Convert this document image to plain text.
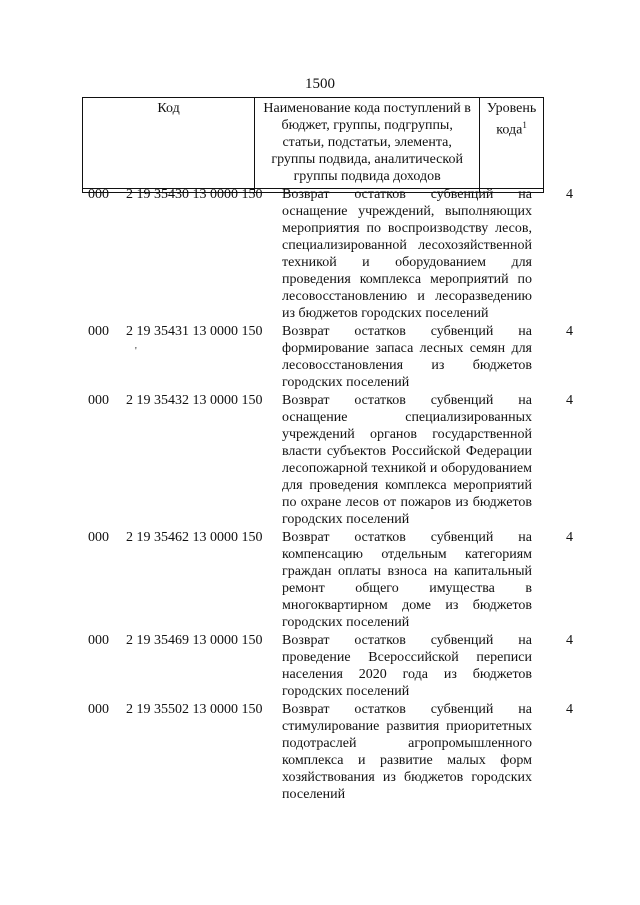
1500
Код	Наименование кода поступлений в бюджет, группы, подгруппы, статьи, подстатьи, элемента, группы подвида, аналитической группы подвида доходов	Уровень кода$^1$

000 2 19 35430 13 0000 150 Возврат остатков субвенций на оснащение учреждений, выполняющих мероприятия по воспроизводству лесов, специализированной лесохозяйственной техникой и оборудованием для проведения комплекса мероприятий по лесовосстановлению и лесоразведению из бюджетов городских поселений
4
000 2 19 35431 13 0000 150
'
Возврат остатков субвенций на формирование запаса лесных семян для лесовосстановления из бюджетов городских поселений
4
000 2 19 35432 13 0000 150 Возврат остатков субвенций на оснащение специализированных учреждений органов государственной власти субъектов Российской Федерации лесопожарной техникой и оборудованием для проведения комплекса мероприятий по охране лесов от пожаров из бюджетов городских поселений
4
000 2 19 35462 13 0000 150 Возврат остатков субвенций на компенсацию отдельным категориям граждан оплаты взноса на капитальный ремонт общего имущества в многоквартирном доме из бюджетов городских поселений
4
000 2 19 35469 13 0000 150 Возврат остатков субвенций на проведение Всероссийской переписи населения 2020 года из бюджетов городских поселений
4
000 2 19 35502 13 0000 150 Возврат остатков субвенций на стимулирование развития приоритетных подотраслей агропромышленного комплекса и развитие малых форм хозяйствования из бюджетов городских поселений
4
